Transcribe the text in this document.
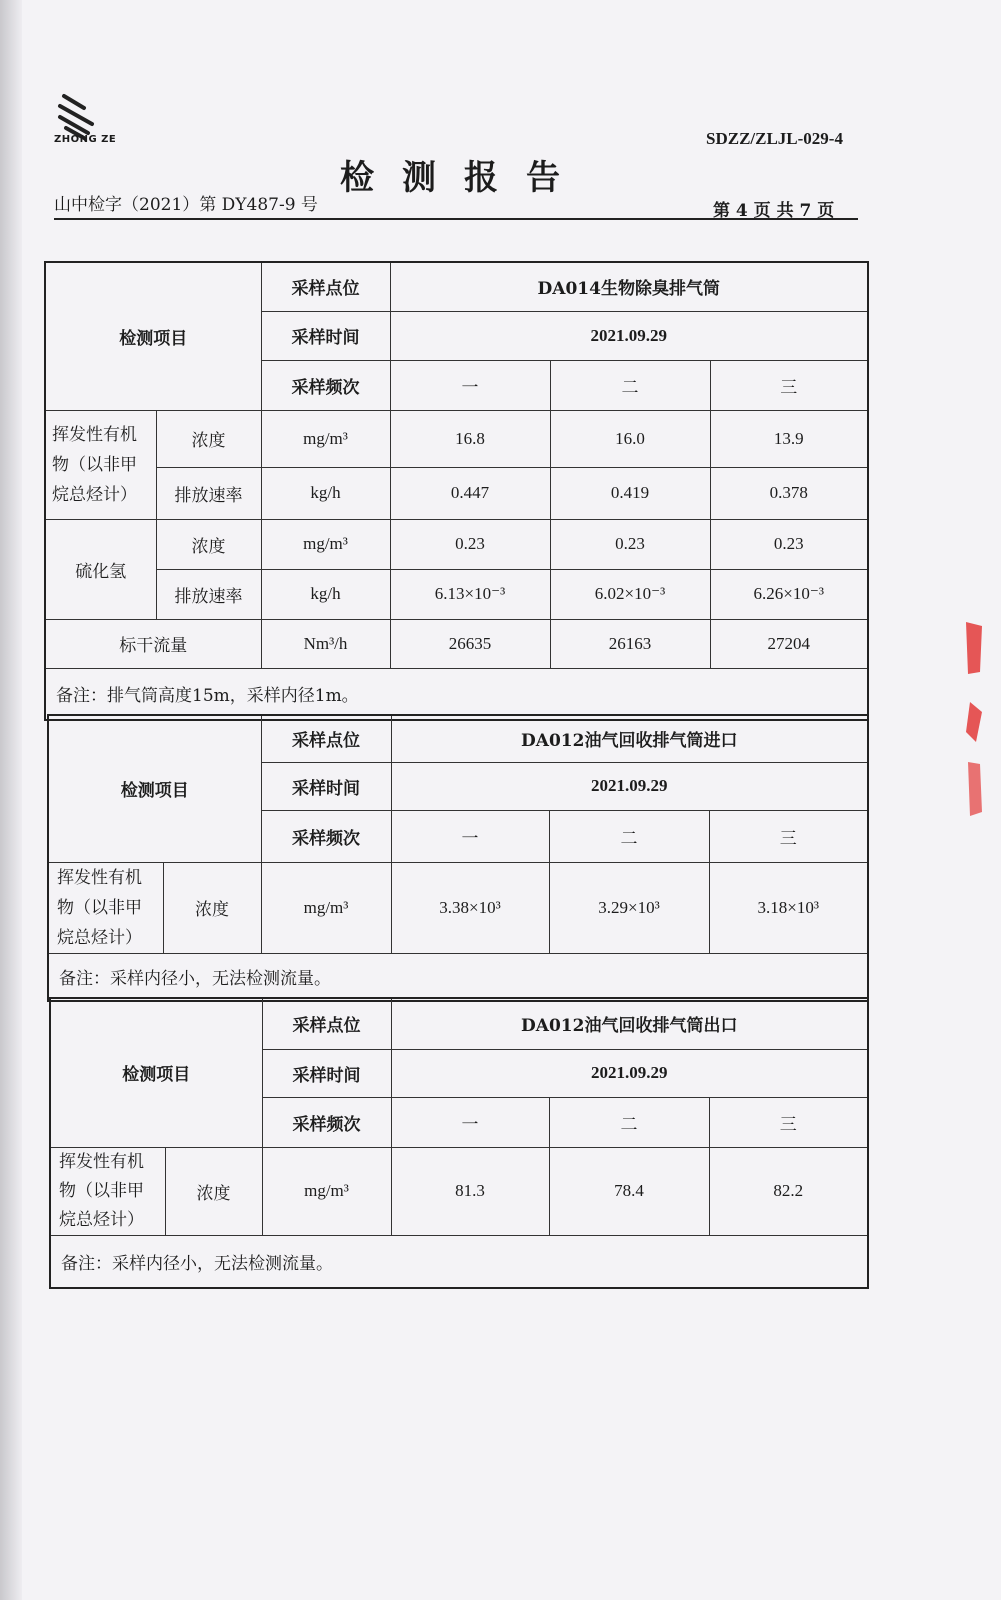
ZHONG ZE	SDZZ/ZLJL-029-4
检测报告
山中检字（2021）第 DY487-9 号	第 4 页 共 7 页
检测项目		采样点位	DA014生物除臭排气筒		
		采样时间	2021.09.29		
		采样频次	一	二	三
挥发性有机物（以非甲烷总烃计）	浓度	mg/m³	16.8	16.0	13.9
	排放速率	kg/h	0.447	0.419	0.378
硫化氢	浓度	mg/m³	0.23	0.23	0.23
	排放速率	kg/h	6.13×10⁻³	6.02×10⁻³	6.26×10⁻³
标干流量		Nm³/h	26635	26163	27204
备注：排气筒高度15m，采样内径1m。					
检测项目		采样点位	DA012油气回收排气筒进口		
		采样时间	2021.09.29		
		采样频次	一	二	三
挥发性有机物（以非甲烷总烃计）	浓度	mg/m³	3.38×10³	3.29×10³	3.18×10³
备注：采样内径小，无法检测流量。					
检测项目		采样点位	DA012油气回收排气筒出口		
		采样时间	2021.09.29		
		采样频次	一	二	三
挥发性有机物（以非甲烷总烃计）	浓度	mg/m³	81.3	78.4	82.2
备注：采样内径小，无法检测流量。					
